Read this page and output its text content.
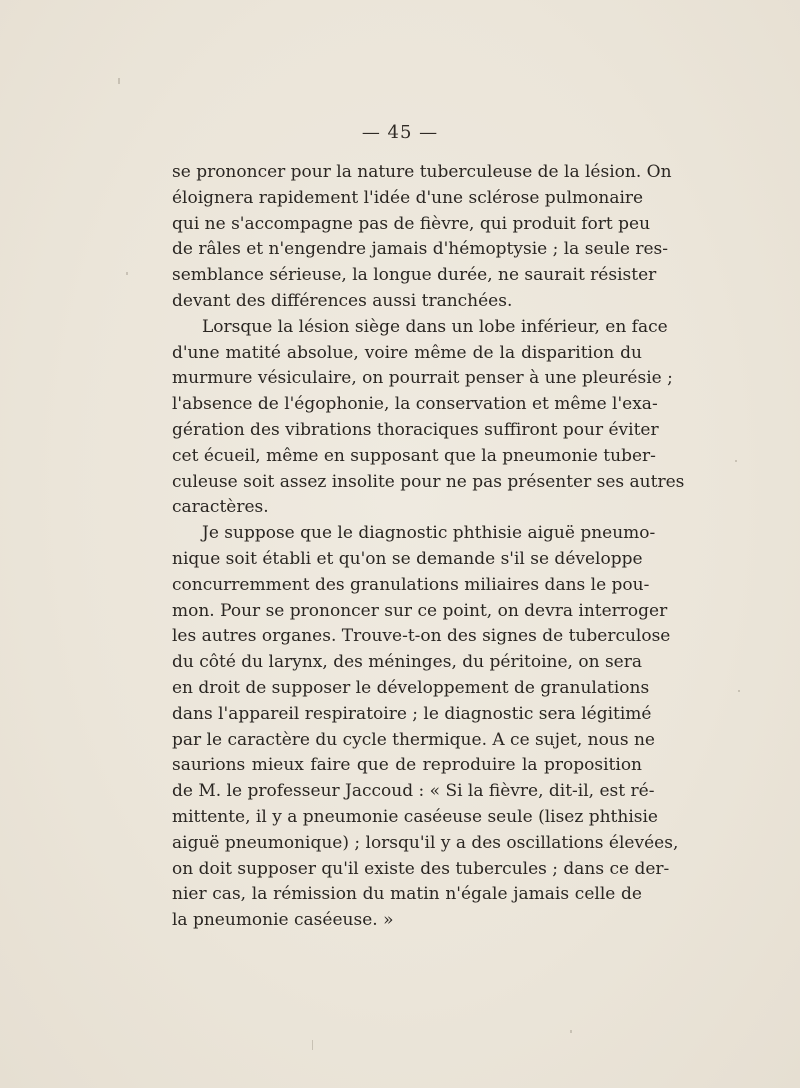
— 45 —
se prononcer pour la nature tuberculeuse de la lésion. On
éloignera rapidement l'idée d'une sclérose pulmonaire
qui ne s'accompagne pas de fièvre, qui produit fort peu
de râles et n'engendre jamais d'hémoptysie ; la seule res-
semblance sérieuse, la longue durée, ne saurait résister
devant des différences aussi tranchées.
Lorsque la lésion siège dans un lobe inférieur, en face
d'une matité absolue, voire même de la disparition du
murmure vésiculaire, on pourrait penser à une pleurésie ;
l'absence de l'égophonie, la conservation et même l'exa-
gération des vibrations thoraciques suffiront pour éviter
cet écueil, même en supposant que la pneumonie tuber-
culeuse soit assez insolite pour ne pas présenter ses autres
caractères.
Je suppose que le diagnostic phthisie aiguë pneumo-
nique soit établi et qu'on se demande s'il se développe
concurremment des granulations miliaires dans le pou-
mon. Pour se prononcer sur ce point, on devra interroger
les autres organes. Trouve-t-on des signes de tuberculose
du côté du larynx, des méninges, du péritoine, on sera
en droit de supposer le développement de granulations
dans l'appareil respiratoire ; le diagnostic sera légitimé
par le caractère du cycle thermique. A ce sujet, nous ne
saurions mieux faire que de reproduire la proposition
de M. le professeur Jaccoud : « Si la fièvre, dit-il, est ré-
mittente, il y a pneumonie caséeuse seule (lisez phthisie
aiguë pneumonique) ; lorsqu'il y a des oscillations élevées,
on doit supposer qu'il existe des tubercules ; dans ce der-
nier cas, la rémission du matin n'égale jamais celle de
la pneumonie caséeuse. »
